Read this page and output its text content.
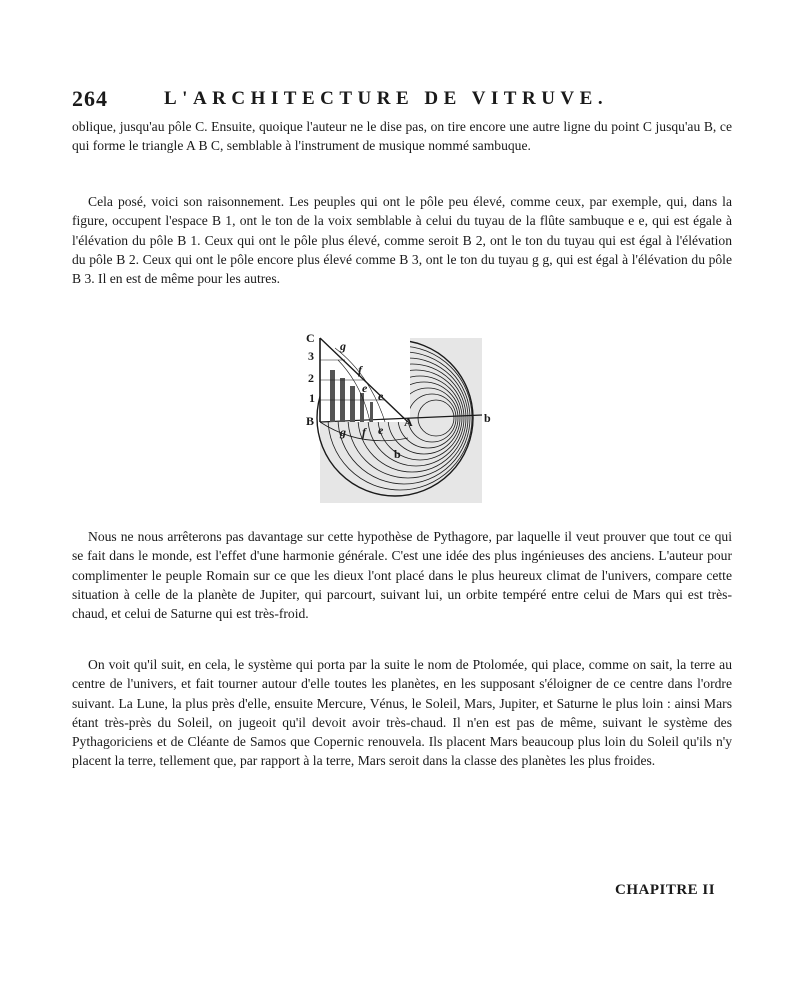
264	L'ARCHITECTURE DE VITRUVE.

oblique, jusqu'au pôle C. Ensuite, quoique l'auteur ne le dise pas, on tire encore une autre ligne du point C jusqu'au B, ce qui forme le triangle A B C, semblable à l'instrument de musique nommé sambuque.

Cela posé, voici son raisonnement. Les peuples qui ont le pôle peu élevé, comme ceux, par exemple, qui, dans la figure, occupent l'espace B 1, ont le ton de la voix semblable à celui du tuyau de la flûte sambuque e e, qui est égale à l'élévation du pôle B 1. Ceux qui ont le pôle plus élevé, comme seroit B 2, ont le ton du tuyau qui est égal à l'élévation du pôle B 2. Ceux qui ont le pôle encore plus élevé comme B 3, ont le ton du tuyau g g, qui est égal à l'élévation du pôle B 3. Il en est de même pour les autres.

C
3
2
1
B	A	b
b
g
f
e
e
g f e

Nous ne nous arrêterons pas davantage sur cette hypothèse de Pythagore, par laquelle il veut prouver que tout ce qui se fait dans le monde, est l'effet d'une harmonie générale. C'est une idée des plus ingénieuses des anciens. L'auteur pour complimenter le peuple Romain sur ce que les dieux l'ont placé dans le plus heureux climat de l'univers, compare cette situation à celle de la planète de Jupiter, qui parcourt, suivant lui, un orbite tempéré entre celui de Mars qui est très-chaud, et celui de Saturne qui est très-froid.

On voit qu'il suit, en cela, le système qui porta par la suite le nom de Ptolomée, qui place, comme on sait, la terre au centre de l'univers, et fait tourner autour d'elle toutes les planètes, en les supposant s'éloigner de ce centre dans l'ordre suivant. La Lune, la plus près d'elle, ensuite Mercure, Vénus, le Soleil, Mars, Jupiter, et Saturne le plus loin : ainsi Mars étant très-près du Soleil, on jugeoit qu'il devoit avoir très-chaud. Il n'en est pas de même, suivant le système des Pythagoriciens et de Cléante de Samos que Copernic renouvela. Ils placent Mars beaucoup plus loin du Soleil qu'ils n'y placent la terre, tellement que, par rapport à la terre, Mars seroit dans la classe des planètes les plus froides.

CHAPITRE II
